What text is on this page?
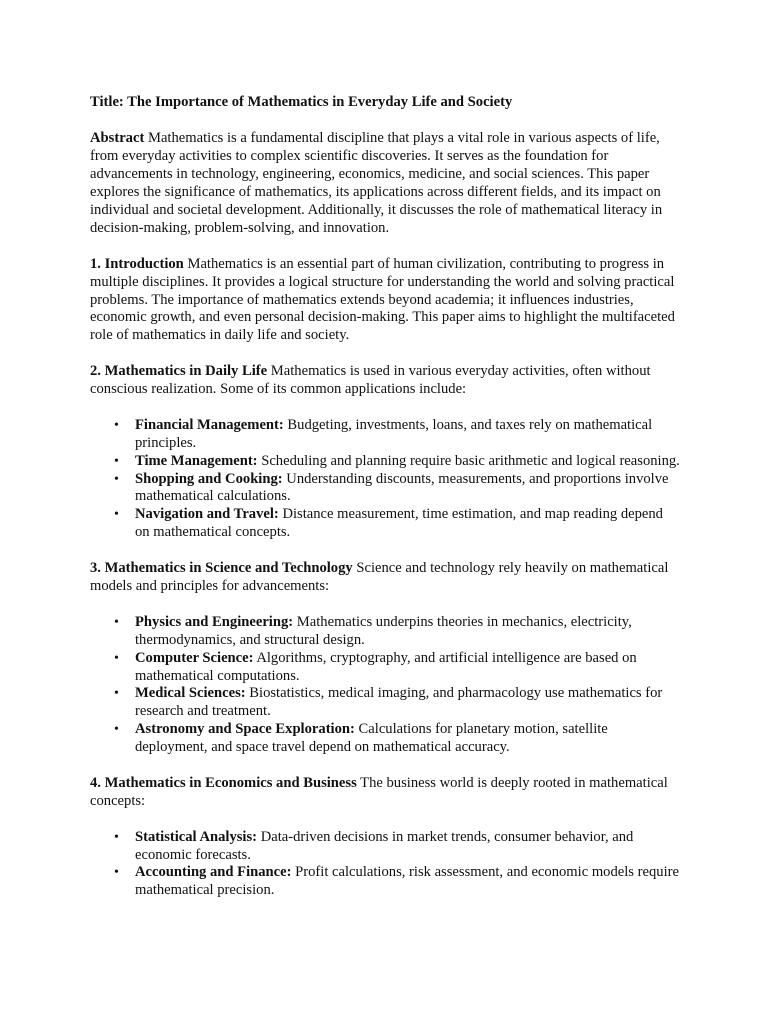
Title: The Importance of Mathematics in Everyday Life and Society

Abstract Mathematics is a fundamental discipline that plays a vital role in various aspects of life, from everyday activities to complex scientific discoveries. It serves as the foundation for advancements in technology, engineering, economics, medicine, and social sciences. This paper explores the significance of mathematics, its applications across different fields, and its impact on individual and societal development. Additionally, it discusses the role of mathematical literacy in decision-making, problem-solving, and innovation.

1. Introduction Mathematics is an essential part of human civilization, contributing to progress in multiple disciplines. It provides a logical structure for understanding the world and solving practical problems. The importance of mathematics extends beyond academia; it influences industries, economic growth, and even personal decision-making. This paper aims to highlight the multifaceted role of mathematics in daily life and society.

2. Mathematics in Daily Life Mathematics is used in various everyday activities, often without conscious realization. Some of its common applications include:

• Financial Management: Budgeting, investments, loans, and taxes rely on mathematical principles.
• Time Management: Scheduling and planning require basic arithmetic and logical reasoning.
• Shopping and Cooking: Understanding discounts, measurements, and proportions involve mathematical calculations.
• Navigation and Travel: Distance measurement, time estimation, and map reading depend on mathematical concepts.

3. Mathematics in Science and Technology Science and technology rely heavily on mathematical models and principles for advancements:

• Physics and Engineering: Mathematics underpins theories in mechanics, electricity, thermodynamics, and structural design.
• Computer Science: Algorithms, cryptography, and artificial intelligence are based on mathematical computations.
• Medical Sciences: Biostatistics, medical imaging, and pharmacology use mathematics for research and treatment.
• Astronomy and Space Exploration: Calculations for planetary motion, satellite deployment, and space travel depend on mathematical accuracy.

4. Mathematics in Economics and Business The business world is deeply rooted in mathematical concepts:

• Statistical Analysis: Data-driven decisions in market trends, consumer behavior, and economic forecasts.
• Accounting and Finance: Profit calculations, risk assessment, and economic models require mathematical precision.
